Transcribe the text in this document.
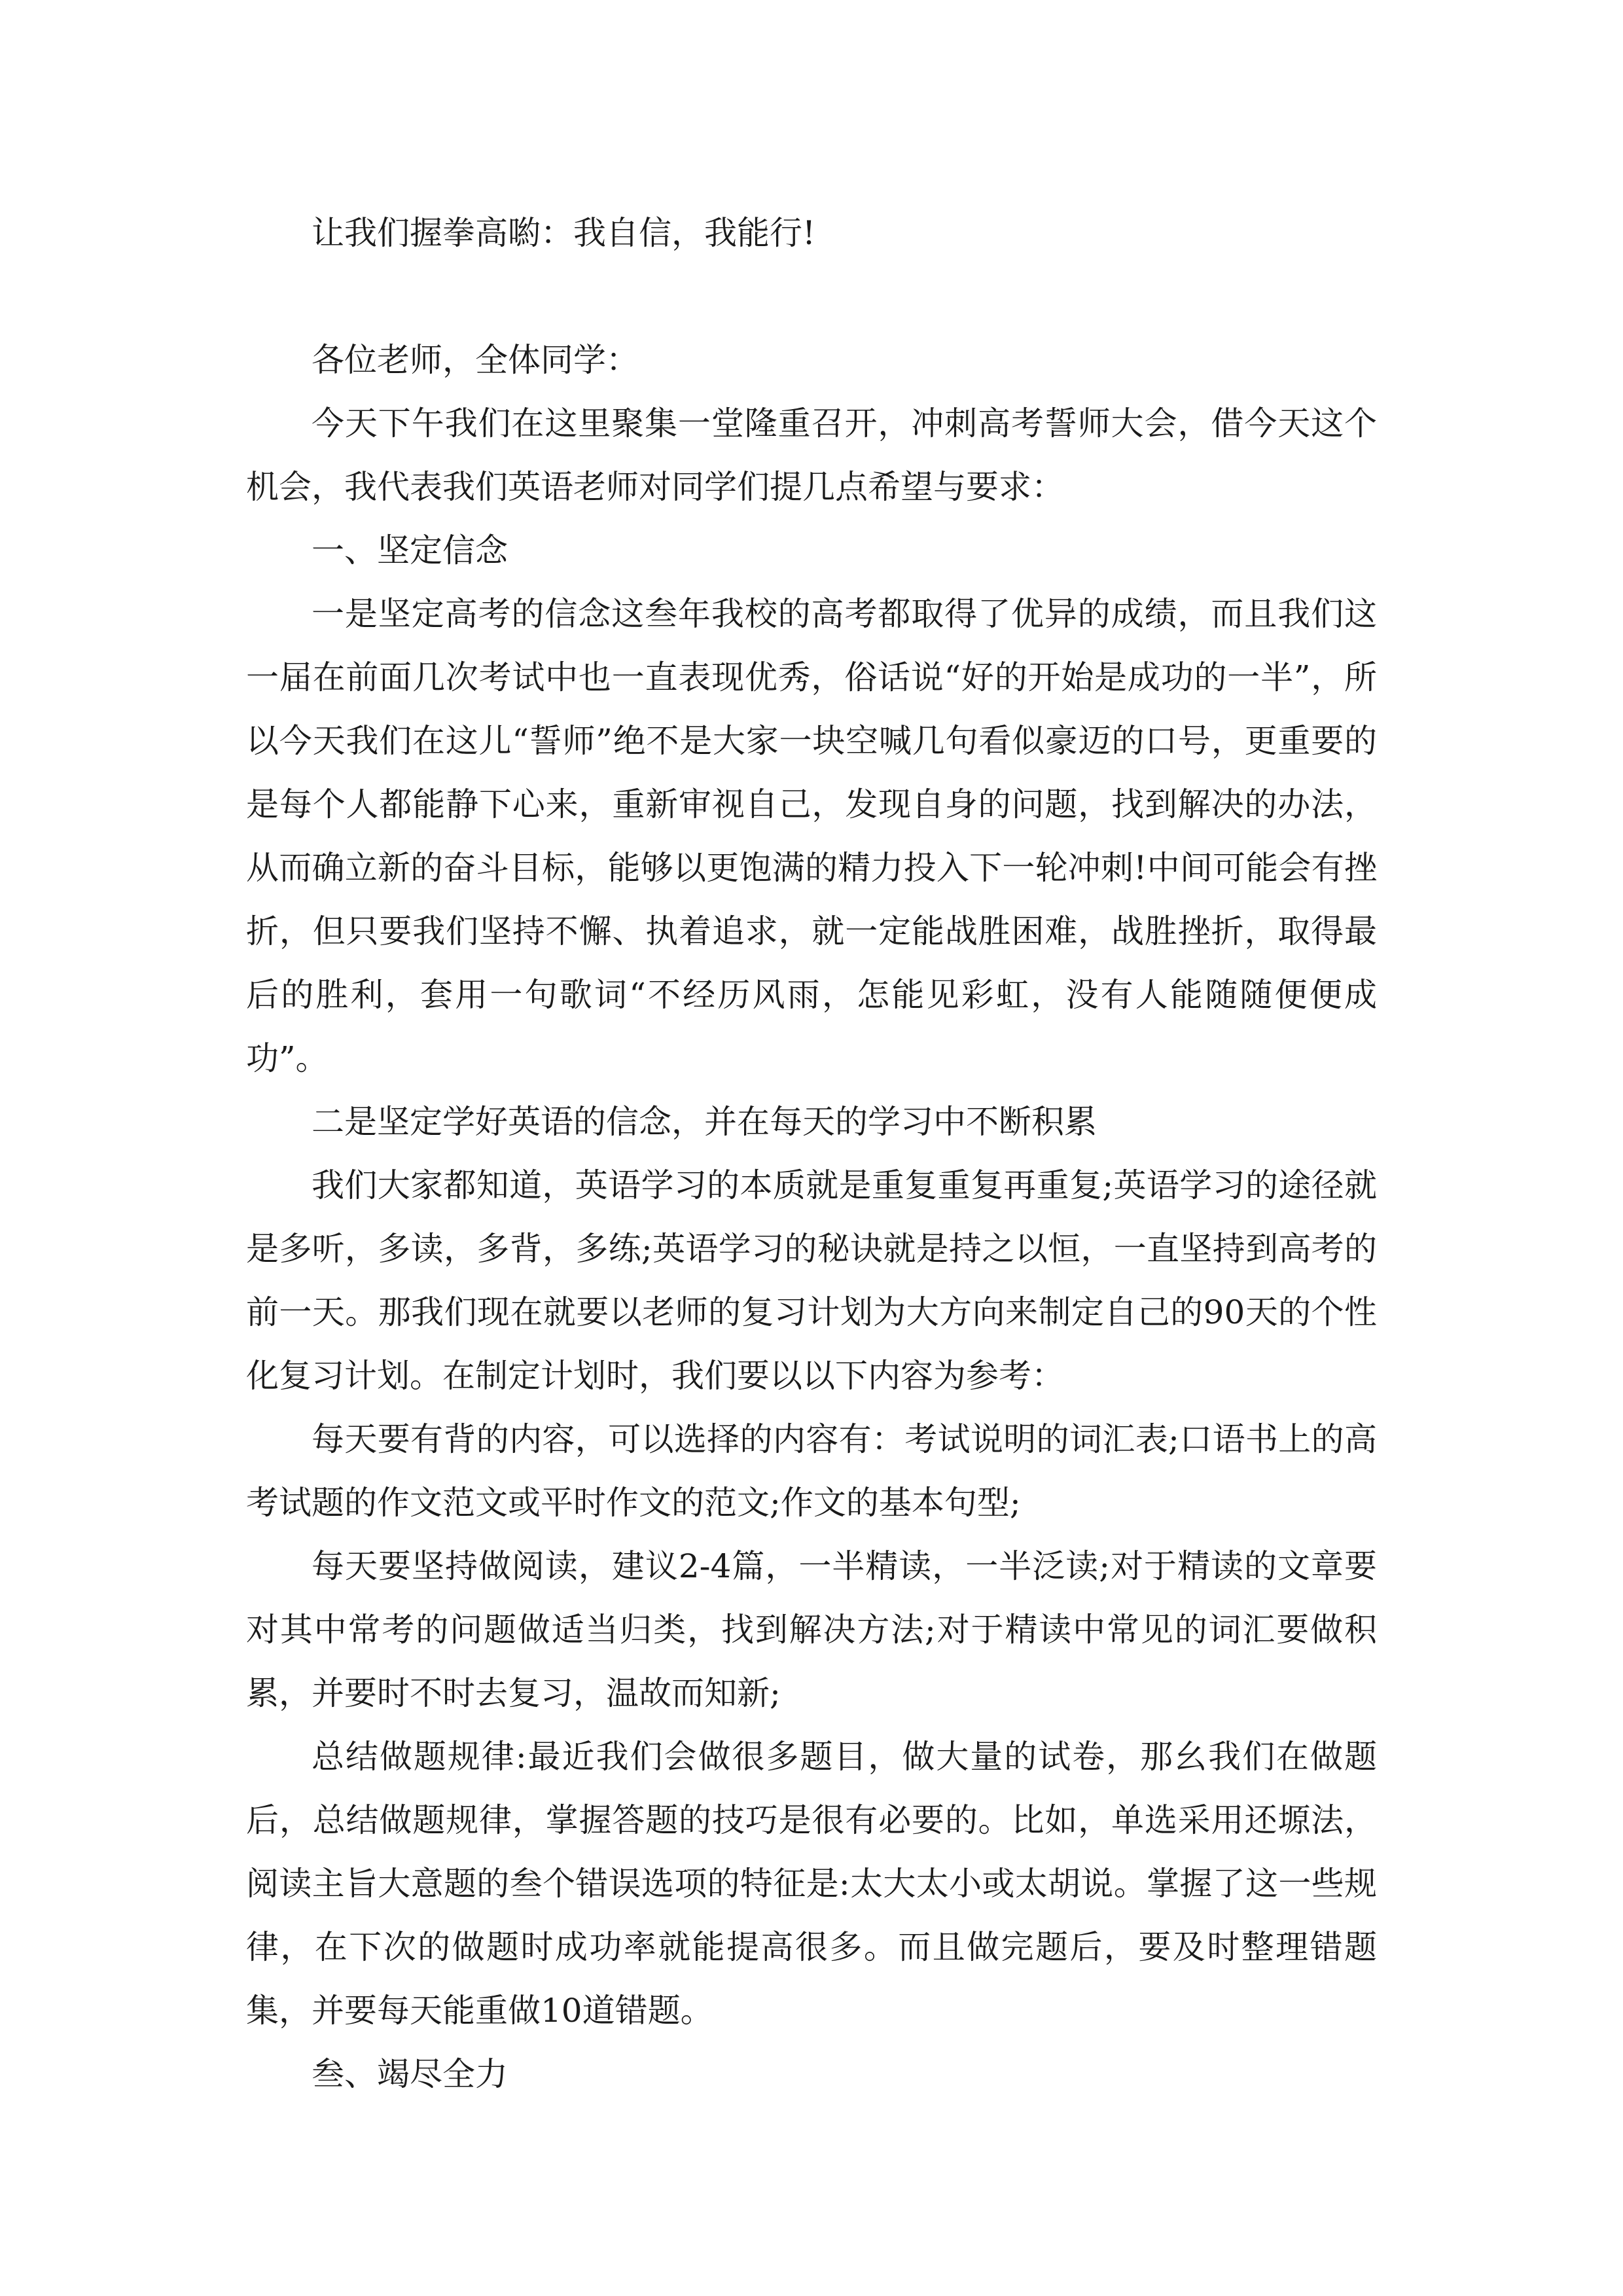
让我们握拳高喲：我自信，我能行!

各位老师，全体同学：

今天下午我们在这里聚集一堂隆重召开，冲刺高考誓师大会，借今天这个机会，我代表我们英语老师对同学们提几点希望与要求：

一、坚定信念

一是坚定高考的信念这叁年我校的高考都取得了优异的成绩，而且我们这一届在前面几次考试中也一直表现优秀，俗话说“好的开始是成功的一半”，所以今天我们在这儿“誓师”绝不是大家一块空喊几句看似豪迈的口号，更重要的是每个人都能静下心来，重新审视自己，发现自身的问题，找到解决的办法，从而确立新的奋斗目标，能够以更饱满的精力投入下一轮冲刺!中间可能会有挫折，但只要我们坚持不懈、执着追求，就一定能战胜困难，战胜挫折，取得最后的胜利，套用一句歌词“不经历风雨，怎能见彩虹，没有人能随随便便成功”。

二是坚定学好英语的信念，并在每天的学习中不断积累

我们大家都知道，英语学习的本质就是重复重复再重复;英语学习的途径就是多听，多读，多背，多练;英语学习的秘诀就是持之以恒，一直坚持到高考的前一天。那我们现在就要以老师的复习计划为大方向来制定自己的90天的个性化复习计划。在制定计划时，我们要以以下内容为参考：

每天要有背的内容，可以选择的内容有：考试说明的词汇表;口语书上的高考试题的作文范文或平时作文的范文;作文的基本句型;

每天要坚持做阅读，建议2-4篇，一半精读，一半泛读;对于精读的文章要对其中常考的问题做适当归类，找到解决方法;对于精读中常见的词汇要做积累，并要时不时去复习，温故而知新;

总结做题规律:最近我们会做很多题目，做大量的试卷，那幺我们在做题后，总结做题规律，掌握答题的技巧是很有必要的。比如，单选采用还塬法，阅读主旨大意题的叁个错误选项的特征是:太大太小或太胡说。掌握了这一些规律，在下次的做题时成功率就能提高很多。而且做完题后，要及时整理错题集，并要每天能重做10道错题。

叁、竭尽全力
